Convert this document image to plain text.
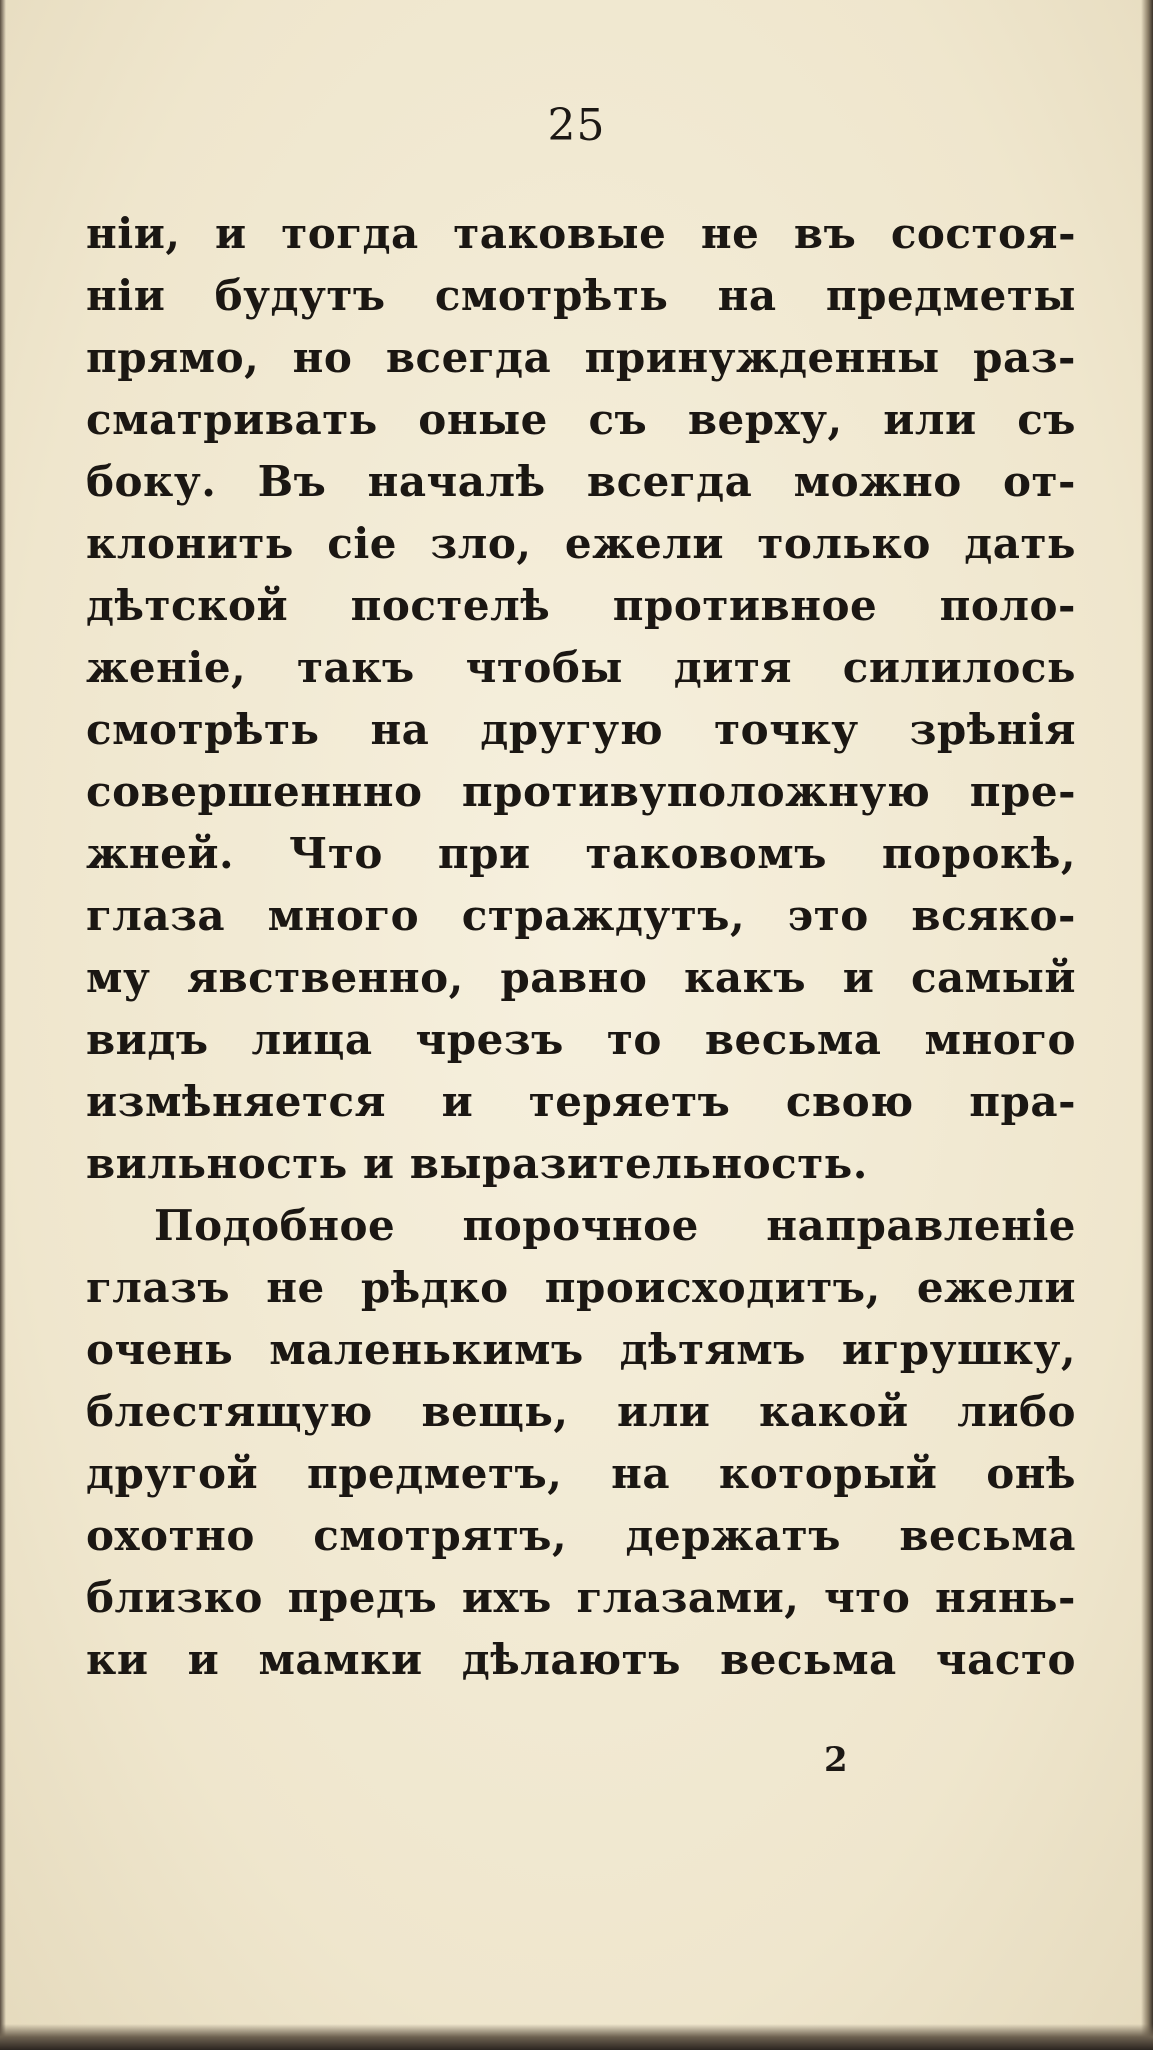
25
нiи, и тогда таковые не въ состоя-
нiи будутъ смотрѣть на предметы
прямо, но всегда принужденны раз-
сматривать оные съ верху, или съ
боку. Въ началѣ всегда можно от-
клонить сiе зло, ежели только дать
дѣтской постелѣ противное поло-
женiе, такъ чтобы дитя силилось
смотрѣть на другую точку зрѣнiя
совершеннно противуположную пре-
жней. Что при таковомъ порокѣ,
глаза много страждутъ, это всяко-
му явственно, равно какъ и самый
видъ лица чрезъ то весьма много
измѣняется и теряетъ свою пра-
вильность и выразительность.
Подобное порочное направленiе
глазъ не рѣдко происходитъ, ежели
очень маленькимъ дѣтямъ игрушку,
блестящую вещь, или какой либо
другой предметъ, на который онѣ
охотно смотрятъ, держатъ весьма
близко предъ ихъ глазами, что нянь-
ки и мамки дѣлаютъ весьма часто
2
